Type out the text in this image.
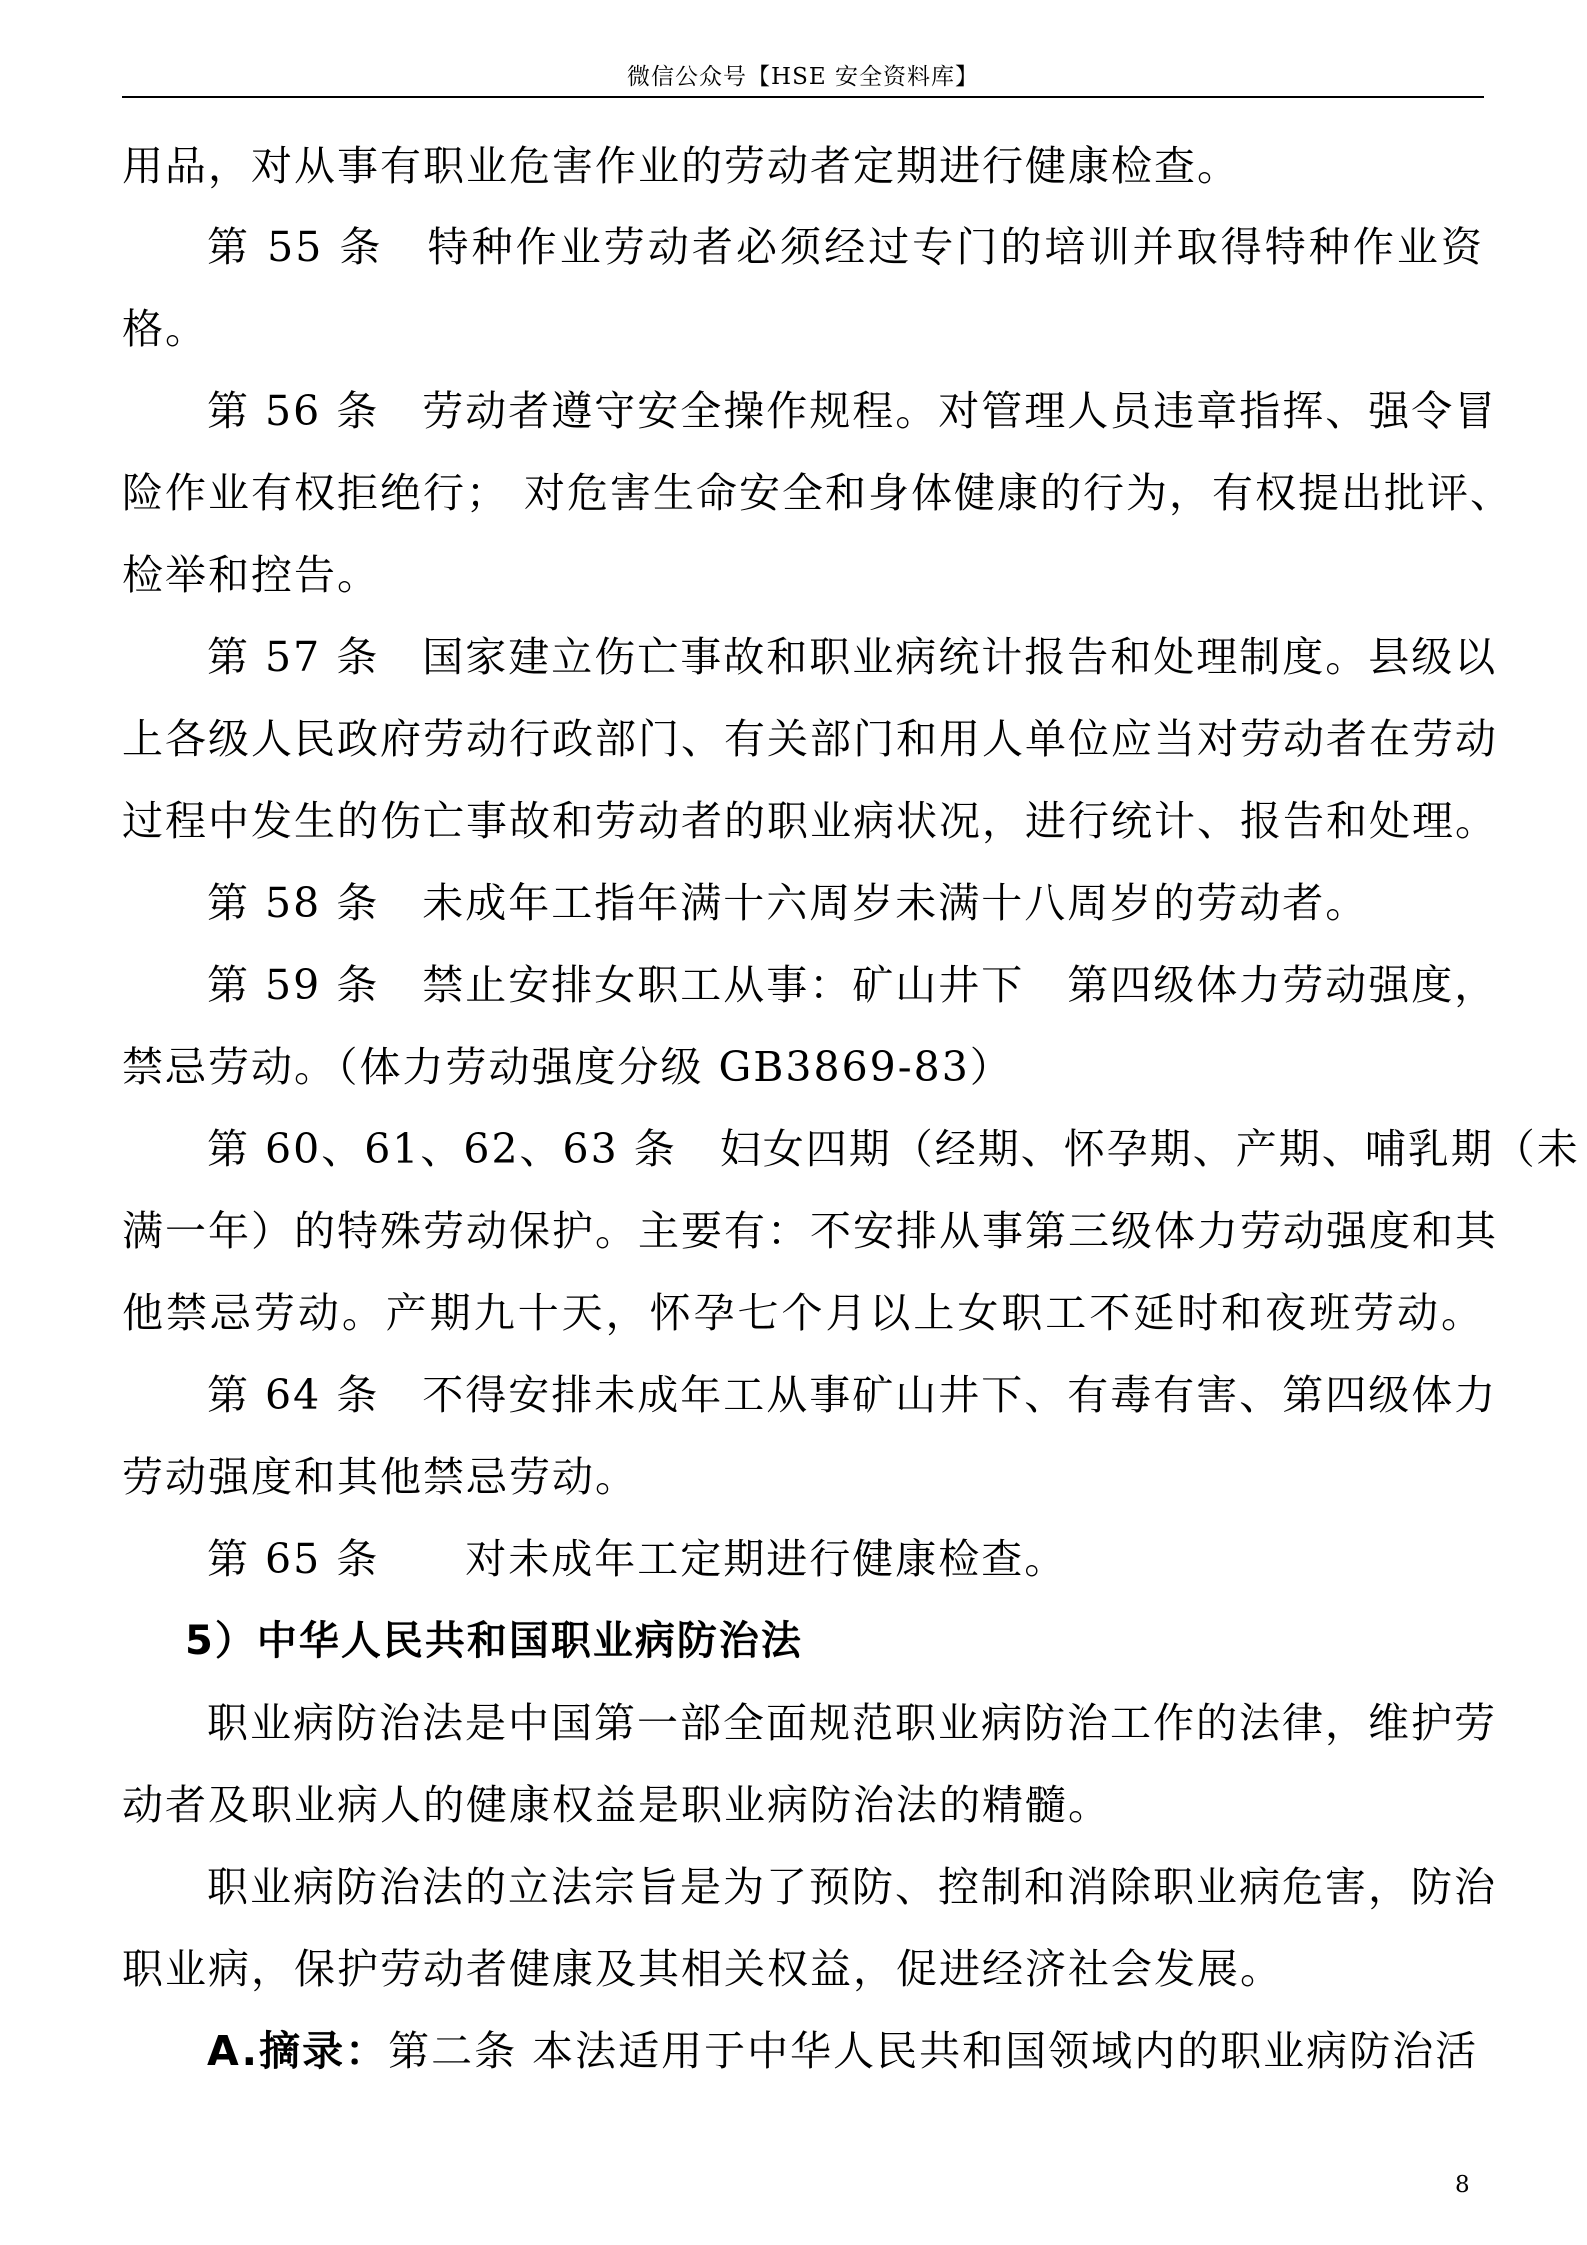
微信公众号【HSE 安全资料库】
用品，对从事有职业危害作业的劳动者定期进行健康检查。
第 55 条　特种作业劳动者必须经过专门的培训并取得特种作业资
格。
第 56 条　劳动者遵守安全操作规程。对管理人员违章指挥、强令冒
险作业有权拒绝行； 对危害生命安全和身体健康的行为，有权提出批评、
检举和控告。
第 57 条　国家建立伤亡事故和职业病统计报告和处理制度。县级以
上各级人民政府劳动行政部门、有关部门和用人单位应当对劳动者在劳动
过程中发生的伤亡事故和劳动者的职业病状况，进行统计、报告和处理。
第 58 条　未成年工指年满十六周岁未满十八周岁的劳动者。
第 59 条　禁止安排女职工从事：矿山井下　第四级体力劳动强度，
禁忌劳动。（体力劳动强度分级 GB3869-83）
第 60、61、62、63 条　妇女四期（经期、怀孕期、产期、哺乳期（未
满一年）的特殊劳动保护。主要有：不安排从事第三级体力劳动强度和其
他禁忌劳动。产期九十天，怀孕七个月以上女职工不延时和夜班劳动。
第 64 条　不得安排未成年工从事矿山井下、有毒有害、第四级体力
劳动强度和其他禁忌劳动。
第 65 条　　对未成年工定期进行健康检查。
5）中华人民共和国职业病防治法
职业病防治法是中国第一部全面规范职业病防治工作的法律，维护劳
动者及职业病人的健康权益是职业病防治法的精髓。
职业病防治法的立法宗旨是为了预防、控制和消除职业病危害，防治
职业病，保护劳动者健康及其相关权益，促进经济社会发展。
A.摘录：第二条 本法适用于中华人民共和国领域内的职业病防治活
8
